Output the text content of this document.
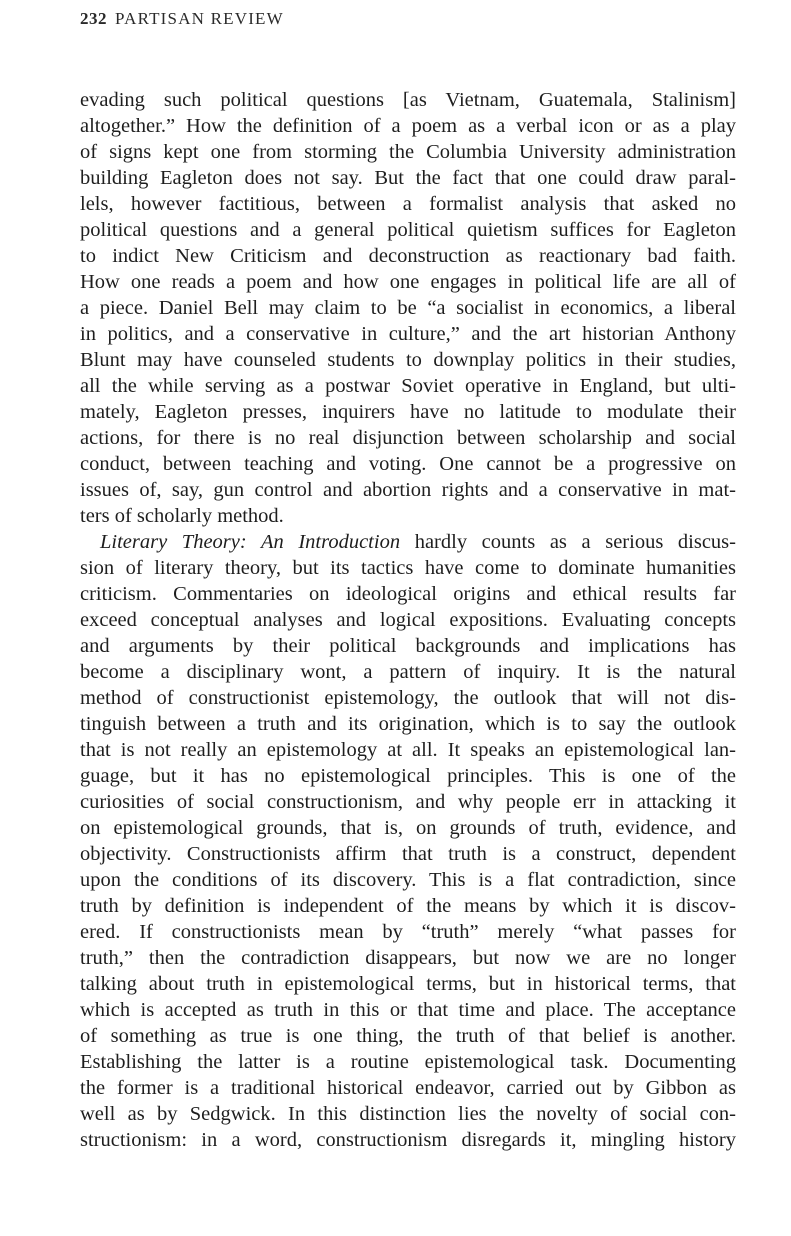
232 PARTISAN REVIEW
evading such political questions [as Vietnam, Guatemala, Stalinism]
altogether.” How the definition of a poem as a verbal icon or as a play
of signs kept one from storming the Columbia University administration
building Eagleton does not say. But the fact that one could draw paral-
lels, however factitious, between a formalist analysis that asked no
political questions and a general political quietism suffices for Eagleton
to indict New Criticism and deconstruction as reactionary bad faith.
How one reads a poem and how one engages in political life are all of
a piece. Daniel Bell may claim to be “a socialist in economics, a liberal
in politics, and a conservative in culture,” and the art historian Anthony
Blunt may have counseled students to downplay politics in their studies,
all the while serving as a postwar Soviet operative in England, but ulti-
mately, Eagleton presses, inquirers have no latitude to modulate their
actions, for there is no real disjunction between scholarship and social
conduct, between teaching and voting. One cannot be a progressive on
issues of, say, gun control and abortion rights and a conservative in mat-
ters of scholarly method.
Literary Theory: An Introduction hardly counts as a serious discus-
sion of literary theory, but its tactics have come to dominate humanities
criticism. Commentaries on ideological origins and ethical results far
exceed conceptual analyses and logical expositions. Evaluating concepts
and arguments by their political backgrounds and implications has
become a disciplinary wont, a pattern of inquiry. It is the natural
method of constructionist epistemology, the outlook that will not dis-
tinguish between a truth and its origination, which is to say the outlook
that is not really an epistemology at all. It speaks an epistemological lan-
guage, but it has no epistemological principles. This is one of the
curiosities of social constructionism, and why people err in attacking it
on epistemological grounds, that is, on grounds of truth, evidence, and
objectivity. Constructionists affirm that truth is a construct, dependent
upon the conditions of its discovery. This is a flat contradiction, since
truth by definition is independent of the means by which it is discov-
ered. If constructionists mean by “truth” merely “what passes for
truth,” then the contradiction disappears, but now we are no longer
talking about truth in epistemological terms, but in historical terms, that
which is accepted as truth in this or that time and place. The acceptance
of something as true is one thing, the truth of that belief is another.
Establishing the latter is a routine epistemological task. Documenting
the former is a traditional historical endeavor, carried out by Gibbon as
well as by Sedgwick. In this distinction lies the novelty of social con-
structionism: in a word, constructionism disregards it, mingling history
